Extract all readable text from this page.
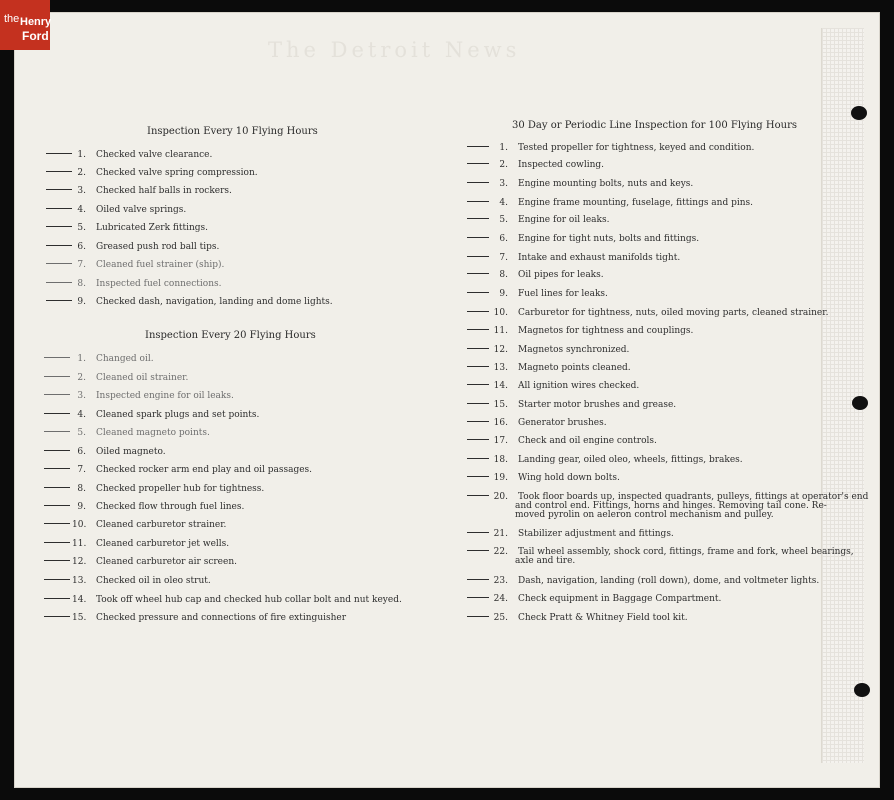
the Henry
Ford
The Detroit News
Inspection Every 10 Flying Hours
1. Checked valve clearance.
2. Checked valve spring compression.
3. Checked half balls in rockers.
4. Oiled valve springs.
5. Lubricated Zerk fittings.
6. Greased push rod ball tips.
7. Cleaned fuel strainer (ship).
8. Inspected fuel connections.
9. Checked dash, navigation, landing and dome lights.
Inspection Every 20 Flying Hours
1. Changed oil.
2. Cleaned oil strainer.
3. Inspected engine for oil leaks.
4. Cleaned spark plugs and set points.
5. Cleaned magneto points.
6. Oiled magneto.
7. Checked rocker arm end play and oil passages.
8. Checked propeller hub for tightness.
9. Checked flow through fuel lines.
10. Cleaned carburetor strainer.
11. Cleaned carburetor jet wells.
12. Cleaned carburetor air screen.
13. Checked oil in oleo strut.
14. Took off wheel hub cap and checked hub collar bolt and nut keyed.
15. Checked pressure and connections of fire extinguisher
30 Day or Periodic Line Inspection for 100 Flying Hours
1. Tested propeller for tightness, keyed and condition.
2. Inspected cowling.
3. Engine mounting bolts, nuts and keys.
4. Engine frame mounting, fuselage, fittings and pins.
5. Engine for oil leaks.
6. Engine for tight nuts, bolts and fittings.
7. Intake and exhaust manifolds tight.
8. Oil pipes for leaks.
9. Fuel lines for leaks.
10. Carburetor for tightness, nuts, oiled moving parts, cleaned strainer.
11. Magnetos for tightness and couplings.
12. Magnetos synchronized.
13. Magneto points cleaned.
14. All ignition wires checked.
15. Starter motor brushes and grease.
16. Generator brushes.
17. Check and oil engine controls.
18. Landing gear, oiled oleo, wheels, fittings, brakes.
19. Wing hold down bolts.
20. Took floor boards up, inspected quadrants, pulleys, fittings at operator's end
and control end. Fittings, horns and hinges. Removing tail cone. Re-
moved pyrolin on aeleron control mechanism and pulley.
21. Stabilizer adjustment and fittings.
22. Tail wheel assembly, shock cord, fittings, frame and fork, wheel bearings,
axle and tire.
23. Dash, navigation, landing (roll down), dome, and voltmeter lights.
24. Check equipment in Baggage Compartment.
25. Check Pratt & Whitney Field tool kit.
